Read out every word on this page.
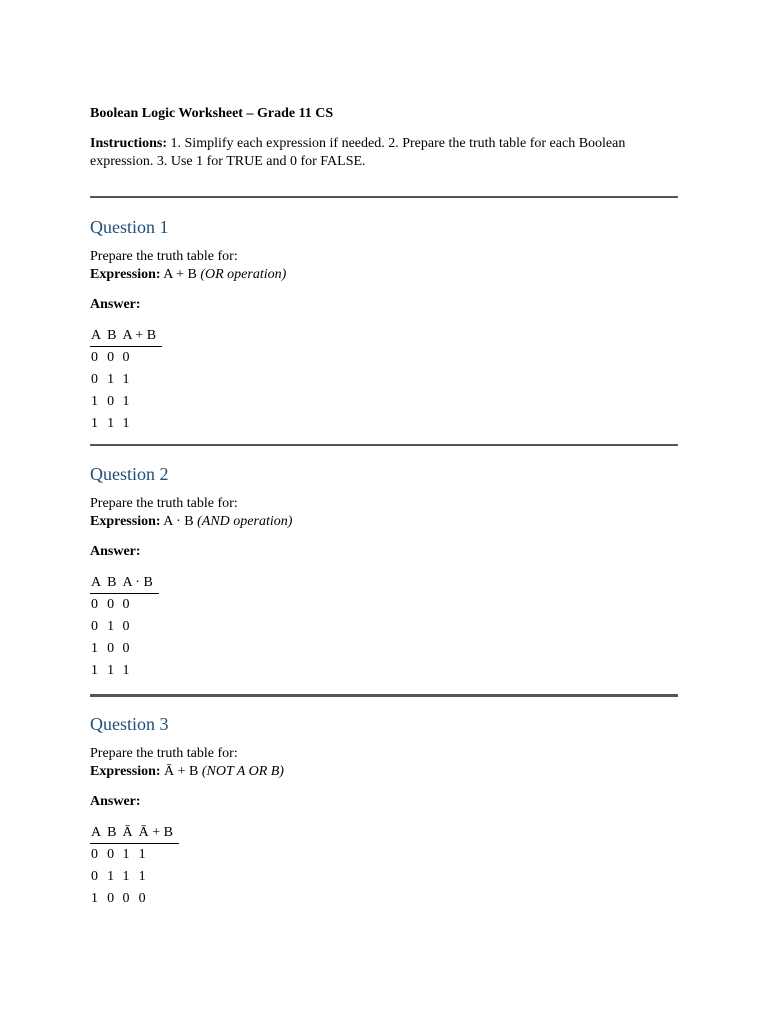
Boolean Logic Worksheet – Grade 11 CS
Instructions: 1. Simplify each expression if needed. 2. Prepare the truth table for each Boolean expression. 3. Use 1 for TRUE and 0 for FALSE.
Question 1
Prepare the truth table for:
Expression: A + B (OR operation)
Answer:
A	B	A + B
0	0	0
0	1	1
1	0	1
1	1	1
Question 2
Prepare the truth table for:
Expression: A · B (AND operation)
Answer:
A	B	A · B
0	0	0
0	1	0
1	0	0
1	1	1
Question 3
Prepare the truth table for:
Expression: Ā + B (NOT A OR B)
Answer:
A	B	Ā	Ā + B
0	0	1	1
0	1	1	1
1	0	0	0
